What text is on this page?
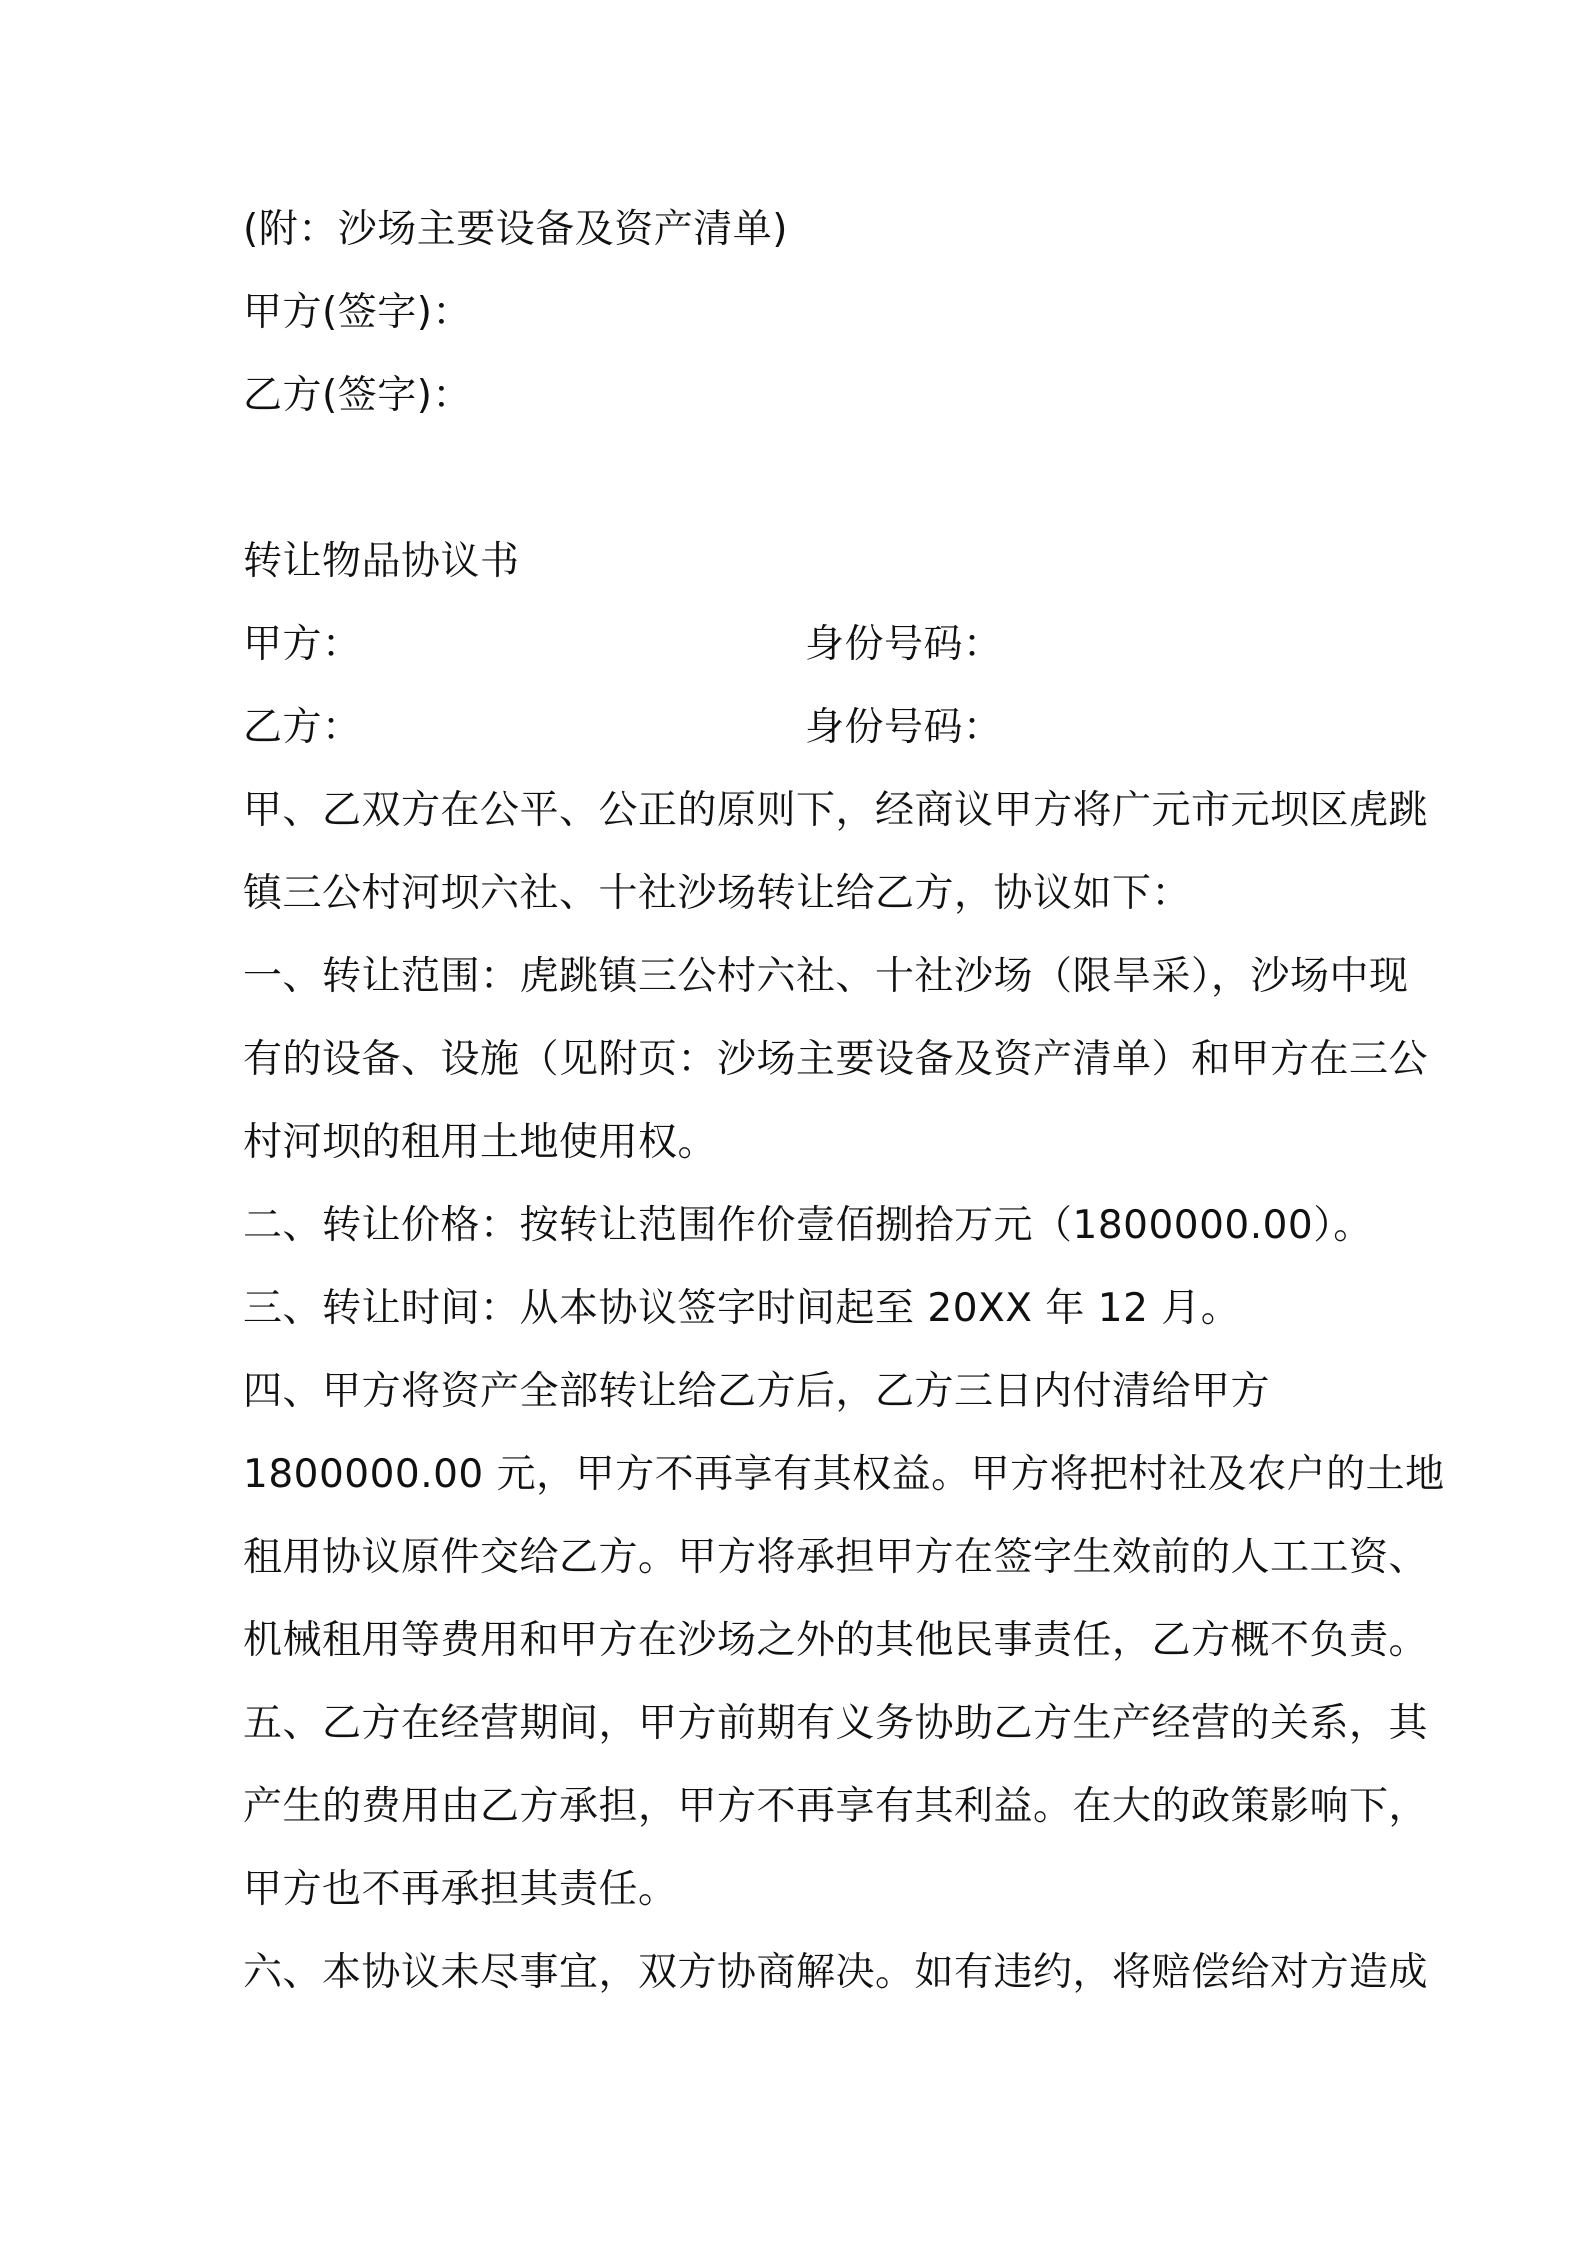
(附：沙场主要设备及资产清单)
甲方(签字)：
乙方(签字)：
转让物品协议书
甲方：	身份号码：
乙方：	身份号码：
甲、乙双方在公平、公正的原则下，经商议甲方将广元市元坝区虎跳
镇三公村河坝六社、十社沙场转让给乙方，协议如下：
一、转让范围：虎跳镇三公村六社、十社沙场（限旱采），沙场中现
有的设备、设施（见附页：沙场主要设备及资产清单）和甲方在三公
村河坝的租用土地使用权。
二、转让价格：按转让范围作价壹佰捌拾万元（1800000.00）。
三、转让时间：从本协议签字时间起至 20XX 年 12 月。
四、甲方将资产全部转让给乙方后，乙方三日内付清给甲方
1800000.00 元，甲方不再享有其权益。甲方将把村社及农户的土地
租用协议原件交给乙方。甲方将承担甲方在签字生效前的人工工资、
机械租用等费用和甲方在沙场之外的其他民事责任，乙方概不负责。
五、乙方在经营期间，甲方前期有义务协助乙方生产经营的关系，其
产生的费用由乙方承担，甲方不再享有其利益。在大的政策影响下，
甲方也不再承担其责任。
六、本协议未尽事宜，双方协商解决。如有违约，将赔偿给对方造成
